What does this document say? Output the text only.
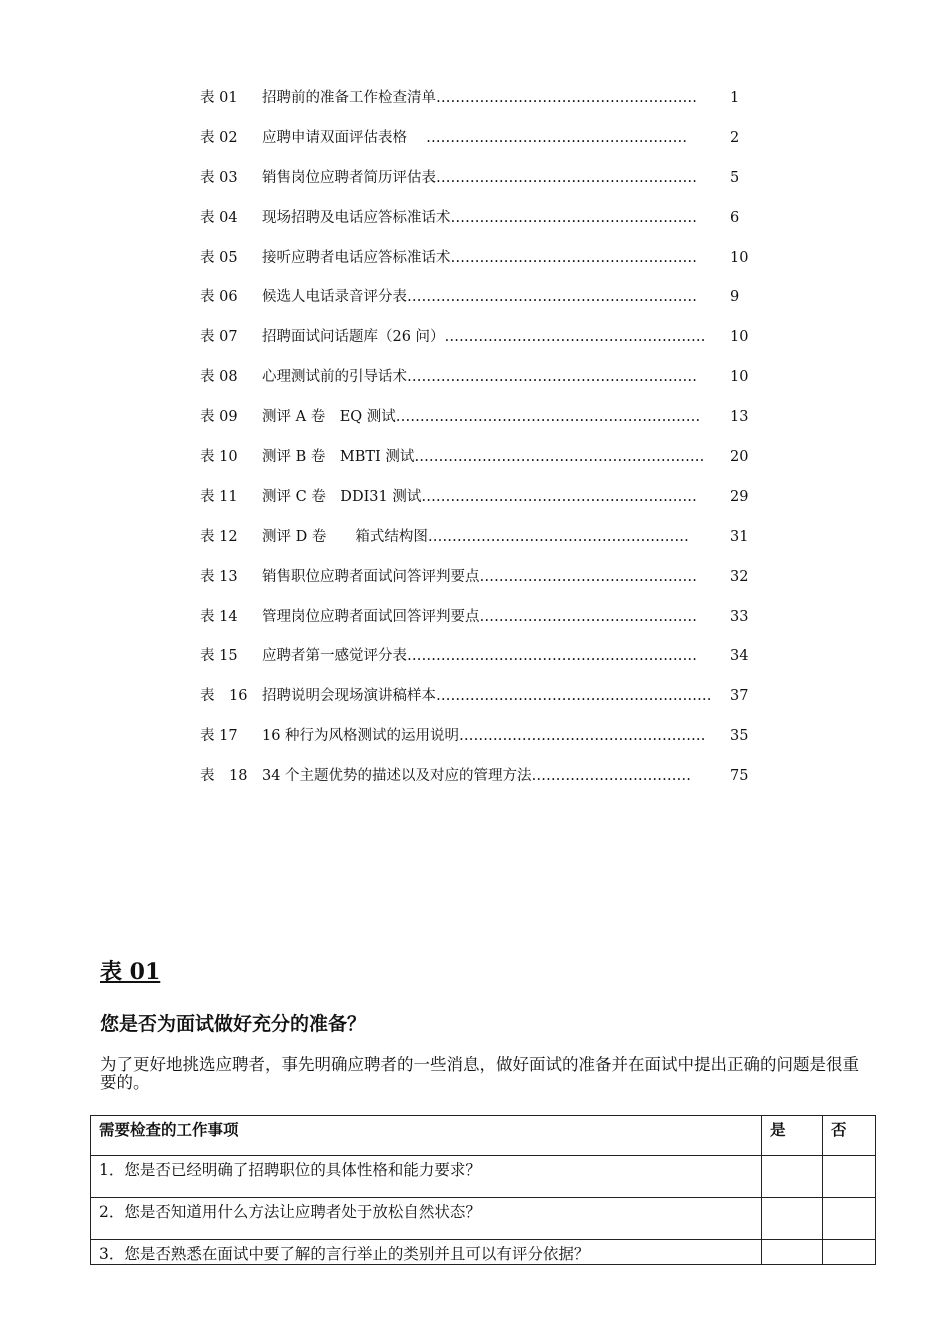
表 01 招聘前的准备工作检查清单……………………………………………… 1
表 02 应聘申请双面评估表格　 ………………………………………………	2
表 03 销售岗位应聘者简历评估表……………………………………………… 5
表 04 现场招聘及电话应答标准话术…………………………………………… 6
表 05 接听应聘者电话应答标准话术…………………………………………… 10
表 06 候选人电话录音评分表…………………………………………………… 9
表 07 招聘面试问话题库（26 问）……………………………………………… 10
表 08 心理测试前的引导话术…………………………………………………… 10
表 09 测评 A 卷　EQ 测试……………………………………………………… 13
表 10 测评 B 卷　MBTI 测试…………………………………………………… 20
表 11 测评 C 卷　DDI31 测试………………………………………………… 29
表 12 测评 D 卷　　箱式结构图………………………………………………	31
表 13 销售职位应聘者面试问答评判要点……………………………………… 32
表 14 管理岗位应聘者面试回答评判要点……………………………………… 33
表 15 应聘者第一感觉评分表…………………………………………………… 34
表　16 招聘说明会现场演讲稿样本………………………………………………… 37
表 17 16 种行为风格测试的运用说明…………………………………………… 35
表　18 34 个主题优势的描述以及对应的管理方法……………………………	75
表 01
您是否为面试做好充分的准备？
为了更好地挑选应聘者，事先明确应聘者的一些消息，做好面试的准备并在面试中提出正确的问题是很重要的。
需要检查的工作事项	是	否
1．您是否已经明确了招聘职位的具体性格和能力要求？		
2．您是否知道用什么方法让应聘者处于放松自然状态？		
3．您是否熟悉在面试中要了解的言行举止的类别并且可以有评分依据？		
